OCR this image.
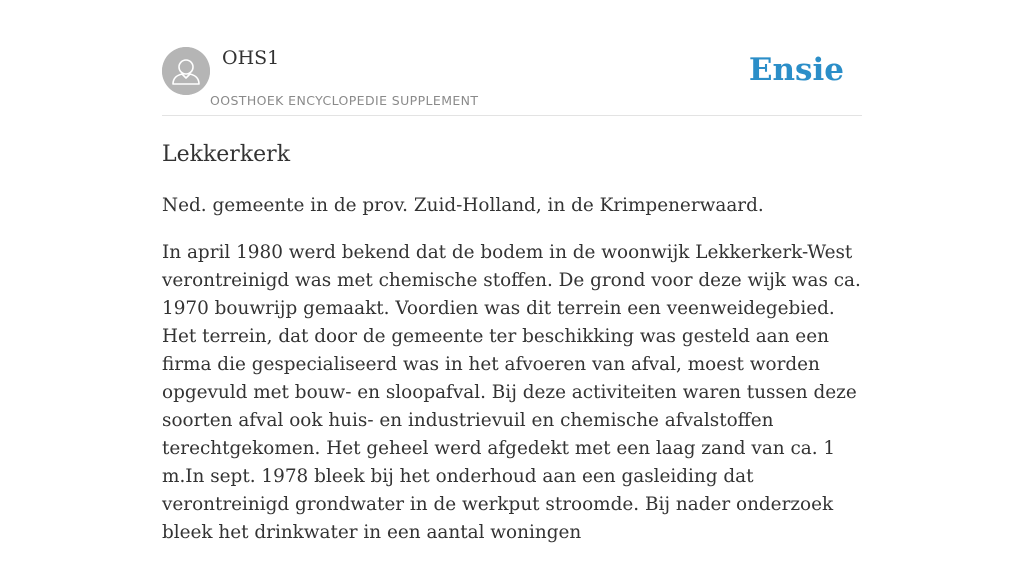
OHS1
OOSTHOEK ENCYCLOPEDIE SUPPLEMENT
Ensie
Lekkerkerk

Ned. gemeente in de prov. Zuid-Holland, in de Krimpenerwaard.

In april 1980 werd bekend dat de bodem in de woonwijk Lekkerkerk-West verontreinigd was met chemische stoffen. De grond voor deze wijk was ca. 1970 bouwrijp gemaakt. Voordien was dit terrein een veenweidegebied. Het terrein, dat door de gemeente ter beschikking was gesteld aan een firma die gespecialiseerd was in het afvoeren van afval, moest worden opgevuld met bouw- en sloopafval. Bij deze activiteiten waren tussen deze soorten afval ook huis- en industrievuil en chemische afvalstoffen terechtgekomen. Het geheel werd afgedekt met een laag zand van ca. 1 m.In sept. 1978 bleek bij het onderhoud aan een gasleiding dat verontreinigd grondwater in de werkput stroomde. Bij nader onderzoek bleek het drinkwater in een aantal woningen
